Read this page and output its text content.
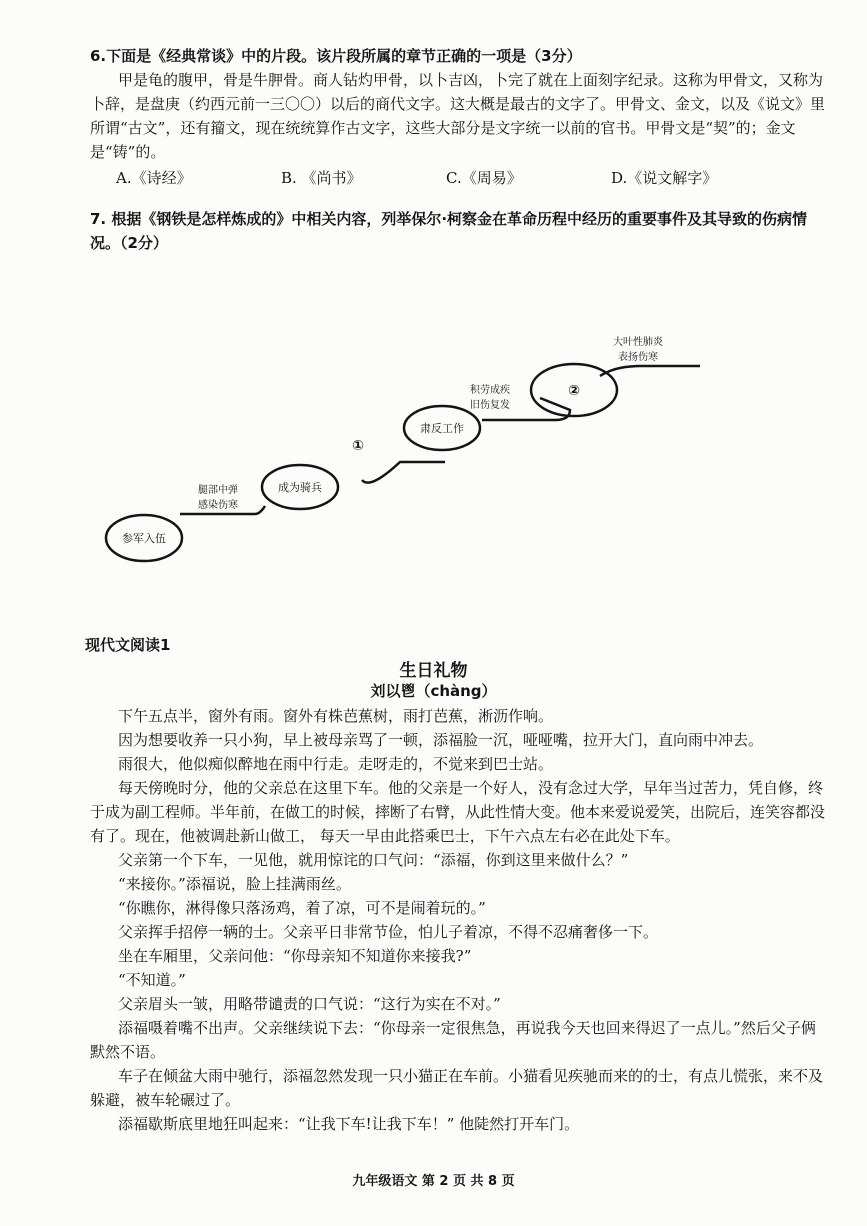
6.下面是《经典常谈》中的片段。该片段所属的章节正确的一项是（3分）
甲是龟的腹甲，骨是牛胛骨。商人钻灼甲骨，以卜吉凶，卜完了就在上面刻字纪录。这称为甲骨文，又称为卜辞，是盘庚（约西元前一三〇〇）以后的商代文字。这大概是最古的文字了。甲骨文、金文，以及《说文》里所谓“古文”，还有籀文，现在统统算作古文字，这些大部分是文字统一以前的官书。甲骨文是“契”的；金文是“铸”的。
A.《诗经》	B. 《尚书》	C.《周易》	D.《说文解字》
7. 根据《钢铁是怎样炼成的》中相关内容，列举保尔·柯察金在革命历程中经历的重要事件及其导致的伤病情况。（2分）
参军入伍
成为骑兵
肃反工作
②
①
腿部中弹
感染伤寒
积劳成疾
旧伤复发
大叶性肺炎
表扬伤寒
现代文阅读1
生日礼物
刘以鬯（chàng）

下午五点半，窗外有雨。窗外有株芭蕉树，雨打芭蕉，淅沥作响。

因为想要收养一只小狗，早上被母亲骂了一顿，添福脸一沉，哑哑嘴，拉开大门，直向雨中冲去。

雨很大，他似痴似醉地在雨中行走。走呀走的，不觉来到巴士站。

每天傍晚时分，他的父亲总在这里下车。他的父亲是一个好人，没有念过大学，早年当过苦力，凭自修，终于成为副工程师。半年前，在做工的时候，摔断了右臂，从此性情大变。他本来爱说爱笑，出院后，连笑容都没有了。现在，他被调赴新山做工， 每天一早由此搭乘巴士，下午六点左右必在此处下车。

父亲第一个下车，一见他，就用惊诧的口气问：“添福，你到这里来做什么？”

“来接你。”添福说，脸上挂满雨丝。

“你瞧你，淋得像只落汤鸡，着了凉，可不是闹着玩的。”

父亲挥手招停一辆的士。父亲平日非常节俭，怕儿子着凉，不得不忍痛奢侈一下。

坐在车厢里，父亲问他：“你母亲知不知道你来接我?”

“不知道。”

父亲眉头一皱，用略带谴责的口气说：“这行为实在不对。”

添福嗫着嘴不出声。父亲继续说下去：“你母亲一定很焦急，再说我今天也回来得迟了一点儿。”然后父子俩默然不语。

车子在倾盆大雨中驰行，添福忽然发现一只小猫正在车前。小猫看见疾驰而来的的士，有点儿慌张，来不及躲避，被车轮碾过了。

添福歇斯底里地狂叫起来：“让我下车!让我下车！” 他陡然打开车门。

九年级语文 第 2 页 共 8 页
